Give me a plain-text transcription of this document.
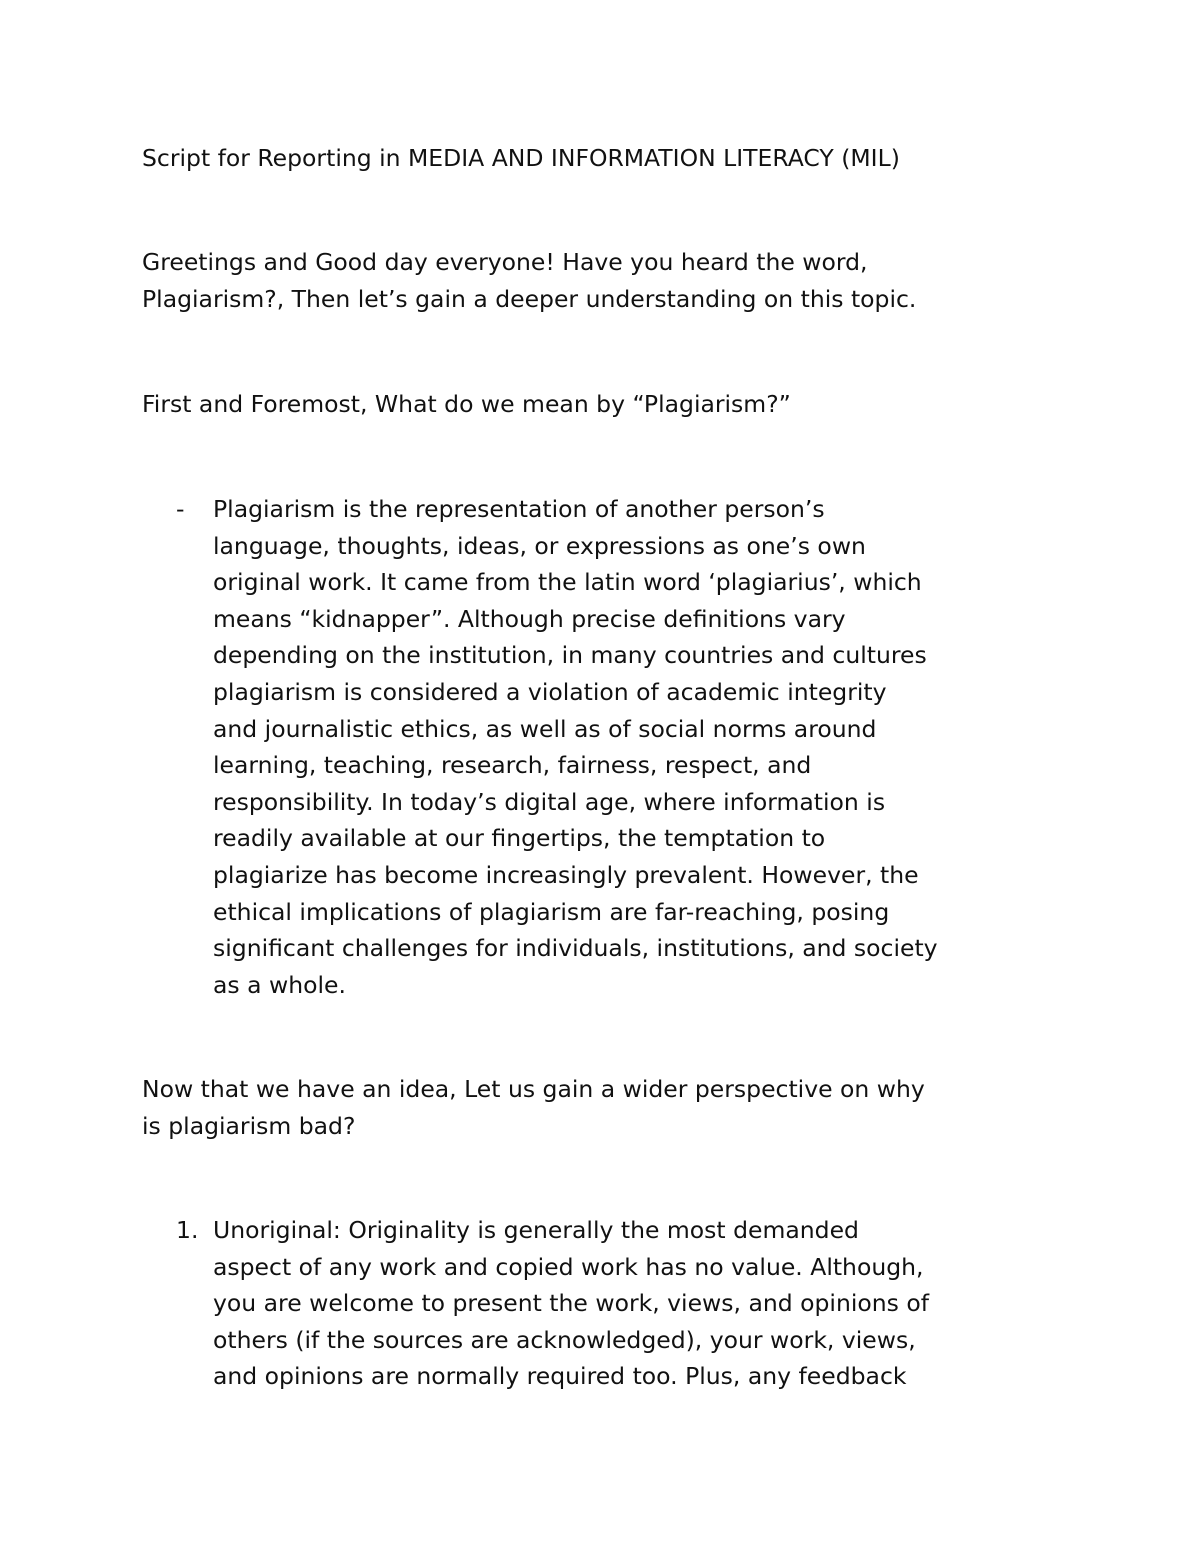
Script for Reporting in MEDIA AND INFORMATION LITERACY (MIL)

Greetings and Good day everyone! Have you heard the word,
Plagiarism?, Then let’s gain a deeper understanding on this topic.

First and Foremost, What do we mean by “Plagiarism?”

- Plagiarism is the representation of another person’s
language, thoughts, ideas, or expressions as one’s own
original work. It came from the latin word ‘plagiarius’, which
means “kidnapper”. Although precise definitions vary
depending on the institution, in many countries and cultures
plagiarism is considered a violation of academic integrity
and journalistic ethics, as well as of social norms around
learning, teaching, research, fairness, respect, and
responsibility. In today’s digital age, where information is
readily available at our fingertips, the temptation to
plagiarize has become increasingly prevalent. However, the
ethical implications of plagiarism are far-reaching, posing
significant challenges for individuals, institutions, and society
as a whole.

Now that we have an idea, Let us gain a wider perspective on why
is plagiarism bad?

1. Unoriginal: Originality is generally the most demanded
aspect of any work and copied work has no value. Although,
you are welcome to present the work, views, and opinions of
others (if the sources are acknowledged), your work, views,
and opinions are normally required too. Plus, any feedback
